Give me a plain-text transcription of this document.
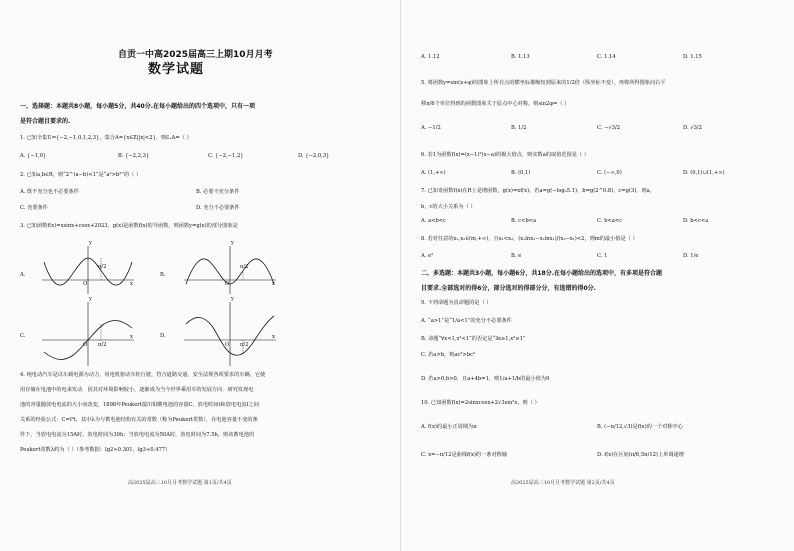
自贡一中高2025届高三上期10月月考
数学试题
一、选择题：本题共8小题，每小题5分，共40分.在每小题给出的四个选项中，只有一项
是符合题目要求的.
1. 已知全集U={−2,−1,0,1,2,3}，集合A={x∈Z||x|<2}，则∁ᵤA=（ ）
A. {−1,0}	B. {−2,2,3}	C. {−2,−1,2}	D. {−2,0,3}
2. 已知a,b∈R，则“2^(a−b)<1”是“a²>b²”的（ ）
A. 既不充分也不必要条件	B. 必要不充分条件
C. 充要条件	D. 充分不必要条件
3. 已知函数f(x)=xsinx+cosx+2023，g(x)是函数f(x)的导函数，则函数y=g(x)的部分图象是
A.
y
x
O
π/2
B.
y
x
O
π/2
C.
y
x
O π/2
D.
y
x
O π/2
4. 纯电动汽车是以车载电源为动力，用电机驱动车轮行驶，符合道路交通、安全法规各项要求的车辆，它使
用存储在电池中的电来发动．因其对环境影响较小，逐渐成为当今世界乘用车的发展方向．研究发现电
池的容量随放电电流的大小而改变，1898年Peukert提出铅酸电池的容量C、放电时间t和放电电流I之间
关系的经验公式：C=Iᵏt，其中λ为与蓄电池结构有关的常数（称为Peukert常数），在电池容量不变的条
件下，当放电电流为15A时，放电时间为30h；当放电电流为50A时，放电时间为7.5h，则该蓄电池的
Peukert常数λ约为（ ）（参考数据：lg2≈0.301，lg3≈0.477）
高2025届高三10月月考数学试题 第1页/共4页
A. 1.12	B. 1.13	C. 1.14	D. 1.15
5. 将函数y=sin(x+φ)的图象上所有点的横坐标都缩短到原来的1/2倍（纵坐标不变），再将所得图象向右平
移π/6个单位得到的函数图象关于原点中心对称，则sin2φ=（ ）
A. −1/2	B. 1/2	C. −√3/2	D. √3/2
6. 若1为函数f(x)=(x−1)²(x−a)的极大值点，则实数a的取值范围是（ ）
A. (1,+∞)	B. (0,1)	C. (−∞,0)	D. (0,1)∪(1,+∞)
7. 已知奇函数f(x)在R上是增函数，g(x)=xf(x)，若a=g(−log₂5.1)，b=g(2^0.8)，c=g(3)，则a，
b，c的大小关系为（ ）
A. a<b<c	B. c<b<a	C. b<a<c	D. b<c<a
8. 若对任意的x₁,x₂∈(m,+∞)，且x₁<x₂，(x₁lnx₂−x₂lnx₁)/(x₂−x₁)<2，则m的最小值是（ ）
A. e²	B. e	C. 1	D. 1/e
二、多选题：本题共3小题，每小题6分，共18分.在每小题给出的选项中，有多项是符合题
目要求.全部选对的得6分，部分选对的得部分分，有选错的得0分.
9. 下列命题为真命题的是（ ）
A. “a>1”是“1/a<1”的充分不必要条件
B. 命题“∀x<1,x²<1”的否定是“∃x≥1,x²≥1”
C. 若a>b，则ac²>bc²
D. 若a>0,b>0，且a+4b=1，则1/a+1/b的最小值为9
10. 已知函数f(x)=2sinxcosx+2√3sin²x，则（ ）
A. f(x)的最小正周期为π	B. (−π/12,√3)是f(x)的一个对称中心
C. x=−π/12是曲线f(x)的一条对称轴	D. f(x)在区间(π/6,5π/12)上单调递增
高2025届高三10月月考数学试题 第2页/共4页
